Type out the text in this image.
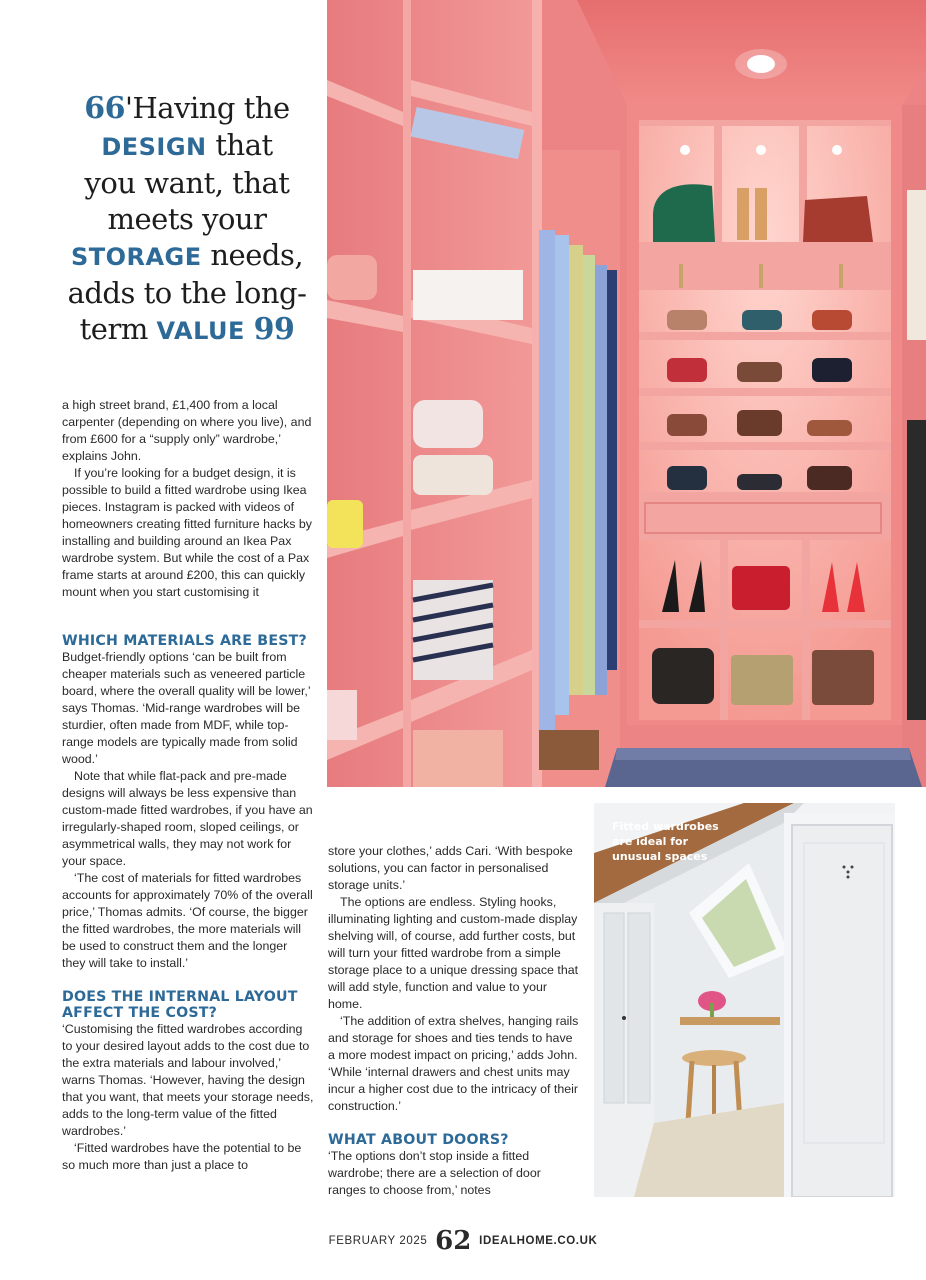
66'Having the
DESIGN that
you want, that
meets your
STORAGE needs,
adds to the long-
term VALUE 99

a high street brand, £1,400 from a local carpenter (depending on where you live), and from £600 for a “supply only” wardrobe,’ explains John.

If you’re looking for a budget design, it is possible to build a fitted wardrobe using Ikea pieces. Instagram is packed with videos of homeowners creating fitted furniture hacks by installing and building around an Ikea Pax wardrobe system. But while the cost of a Pax frame starts at around £200, this can quickly mount when you start customising it

WHICH MATERIALS ARE BEST?

Budget-friendly options ‘can be built from cheaper materials such as veneered particle board, where the overall quality will be lower,’ says Thomas. ‘Mid-range wardrobes will be sturdier, often made from MDF, while top-range models are typically made from solid wood.’

Note that while flat-pack and pre-made designs will always be less expensive than custom-made fitted wardrobes, if you have an irregularly-shaped room, sloped ceilings, or asymmetrical walls, they may not work for your space.

‘The cost of materials for fitted wardrobes accounts for approximately 70% of the overall price,’ Thomas admits. ‘Of course, the bigger the fitted wardrobes, the more materials will be used to construct them and the longer they will take to install.’

DOES THE INTERNAL LAYOUT AFFECT THE COST?

‘Customising the fitted wardrobes according to your desired layout adds to the cost due to the extra materials and labour involved,’ warns Thomas. ‘However, having the design that you want, that meets your storage needs, adds to the long-term value of the fitted wardrobes.’

‘Fitted wardrobes have the potential to be so much more than just a place to

store your clothes,’ adds Cari. ‘With bespoke solutions, you can factor in personalised storage units.’

The options are endless. Styling hooks, illuminating lighting and custom-made display shelving will, of course, add further costs, but will turn your fitted wardrobe from a simple storage place to a unique dressing space that will add style, function and value to your home.

‘The addition of extra shelves, hanging rails and storage for shoes and ties tends to have a more modest impact on pricing,’ adds John. ‘While ‘internal drawers and chest units may incur a higher cost due to the intricacy of their construction.’

WHAT ABOUT DOORS?

‘The options don’t stop inside a fitted wardrobe; there are a selection of door ranges to choose from,’ notes

Fitted wardrobes are ideal for unusual spaces
FEBRUARY 2025 62 IDEALHOME.CO.UK
